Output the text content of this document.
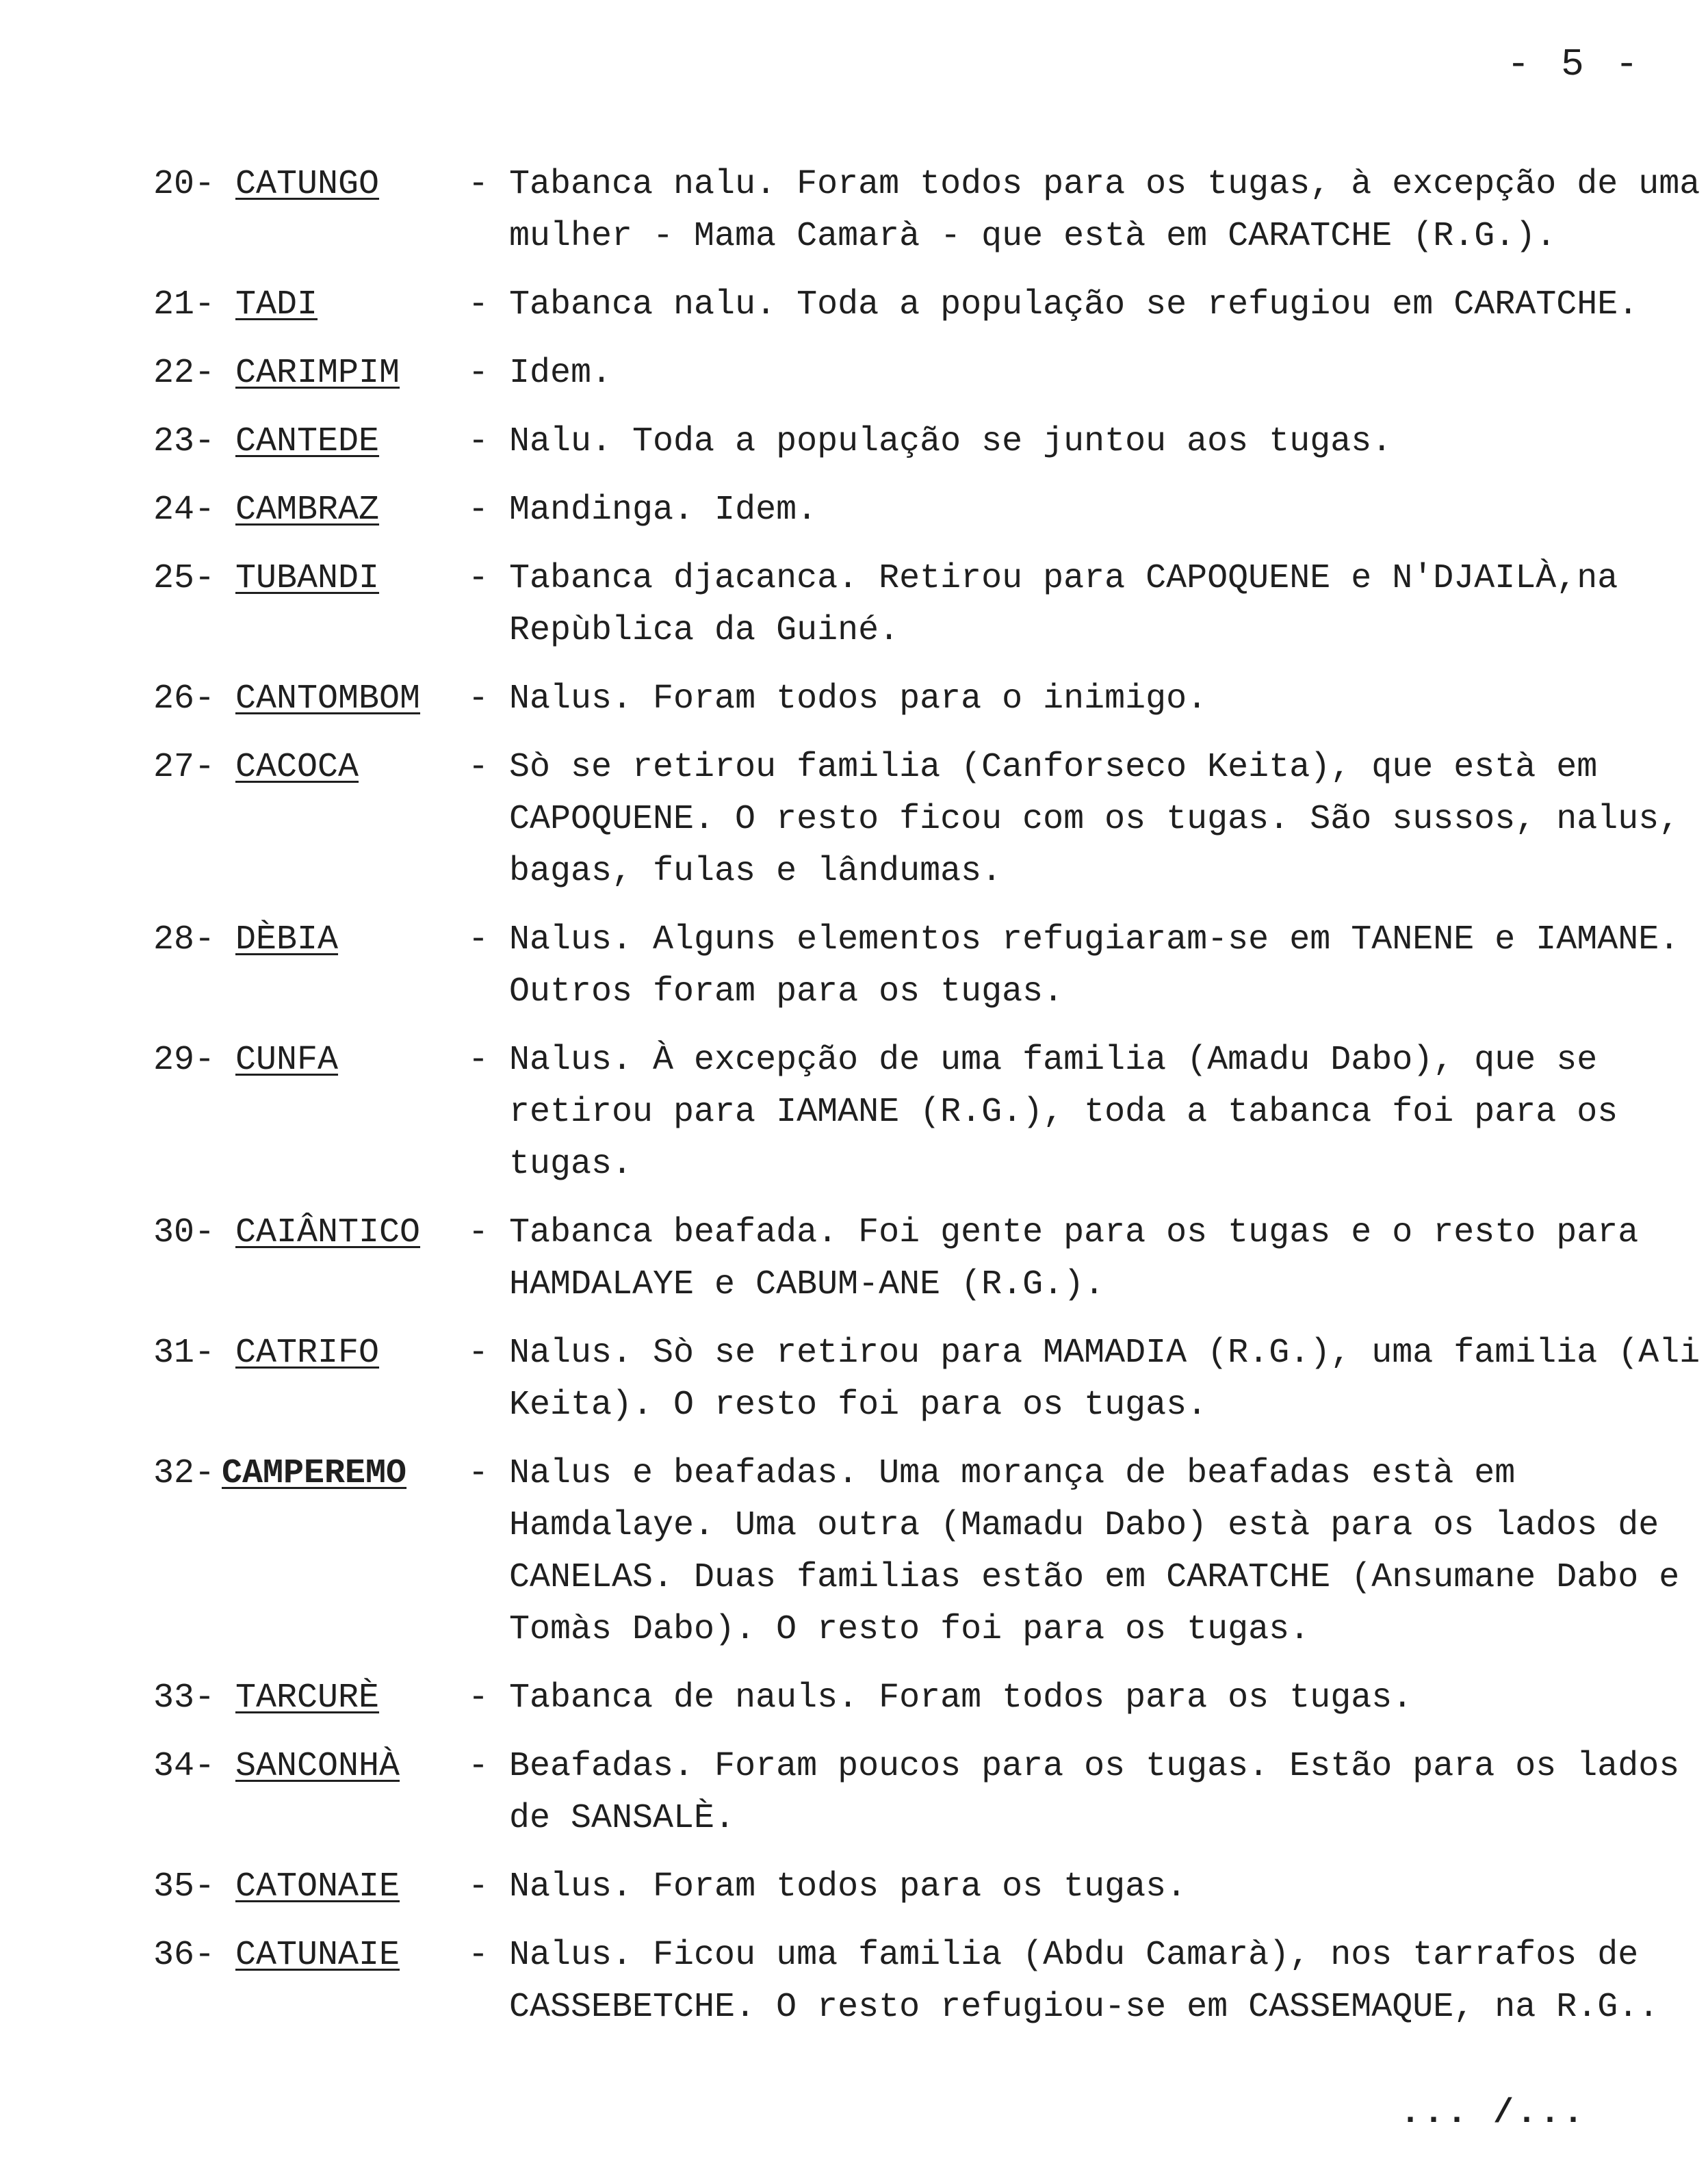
- 5 -
20- CATUNGO	- Tabanca nalu. Foram todos para os tugas, à excepção de uma mulher - Mama Camarà - que està em CARATCHE (R.G.).
21- TADI	- Tabanca nalu. Toda a população se refugiou em CARATCHE.
22- CARIMPIM - Idem.
23- CANTEDE	- Nalu. Toda a população se juntou aos tugas.
24- CAMBRAZ	- Mandinga. Idem.
25- TUBANDI	- Tabanca djacanca. Retirou para CAPOQUENE e N'DJAILÀ,na Repùblica da Guiné.
26- CANTOMBOM - Nalus. Foram todos para o inimigo.
27- CACOCA	- Sò se retirou familia (Canforseco Keita), que està em CAPOQUENE. O resto ficou com os tugas. São sussos, nalus, bagas, fulas e lândumas.
28- DÈBIA	- Nalus. Alguns elementos refugiaram-se em TANENE e IAMANE. Outros foram para os tugas.
29- CUNFA	- Nalus. À excepção de uma familia (Amadu Dabo), que se retirou para IAMANE (R.G.), toda a tabanca foi para os tugas.
30- CAIÂNTICO - Tabanca beafada. Foi gente para os tugas e o resto para HAMDALAYE e CABUM-ANE (R.G.).
31- CATRIFO	- Nalus. Sò se retirou para MAMADIA (R.G.), uma familia (Ali Keita). O resto foi para os tugas.
32- CAMPEREMO - Nalus e beafadas. Uma morança de beafadas està em Hamdalaye. Uma outra (Mamadu Dabo) està para os lados de CANELAS. Duas familias estão em CARATCHE (Ansumane Dabo e Tomàs Dabo). O resto foi para os tugas.
33- TARCURÈ	- Tabanca de nauls. Foram todos para os tugas.
34- SANCONHÀ - Beafadas. Foram poucos para os tugas. Estão para os lados de SANSALÈ.
35- CATONAIE - Nalus. Foram todos para os tugas.
36- CATUNAIE - Nalus. Ficou uma familia (Abdu Camarà), nos tarrafos de CASSEBETCHE. O resto refugiou-se em CASSEMAQUE, na R.G..
... /...
